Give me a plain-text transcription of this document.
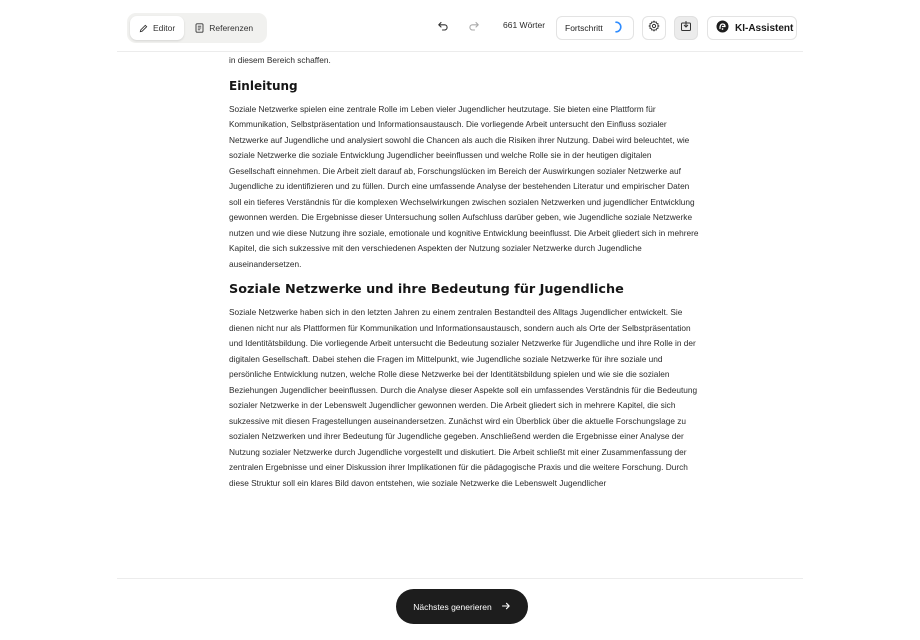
Editor	Referenzen	661 Wörter Fortschritt	KI-Assistent

in diesem Bereich schaffen.

Einleitung

Soziale Netzwerke spielen eine zentrale Rolle im Leben vieler Jugendlicher heutzutage. Sie bieten eine Plattform für Kommunikation, Selbstpräsentation und Informationsaustausch. Die vorliegende Arbeit untersucht den Einfluss sozialer Netzwerke auf Jugendliche und analysiert sowohl die Chancen als auch die Risiken ihrer Nutzung. Dabei wird beleuchtet, wie soziale Netzwerke die soziale Entwicklung Jugendlicher beeinflussen und welche Rolle sie in der heutigen digitalen Gesellschaft einnehmen. Die Arbeit zielt darauf ab, Forschungslücken im Bereich der Auswirkungen sozialer Netzwerke auf Jugendliche zu identifizieren und zu füllen. Durch eine umfassende Analyse der bestehenden Literatur und empirischer Daten soll ein tieferes Verständnis für die komplexen Wechselwirkungen zwischen sozialen Netzwerken und jugendlicher Entwicklung gewonnen werden. Die Ergebnisse dieser Untersuchung sollen Aufschluss darüber geben, wie Jugendliche soziale Netzwerke nutzen und wie diese Nutzung ihre soziale, emotionale und kognitive Entwicklung beeinflusst. Die Arbeit gliedert sich in mehrere Kapitel, die sich sukzessive mit den verschiedenen Aspekten der Nutzung sozialer Netzwerke durch Jugendliche auseinandersetzen.

Soziale Netzwerke und ihre Bedeutung für Jugendliche

Soziale Netzwerke haben sich in den letzten Jahren zu einem zentralen Bestandteil des Alltags Jugendlicher entwickelt. Sie dienen nicht nur als Plattformen für Kommunikation und Informationsaustausch, sondern auch als Orte der Selbstpräsentation und Identitätsbildung. Die vorliegende Arbeit untersucht die Bedeutung sozialer Netzwerke für Jugendliche und ihre Rolle in der digitalen Gesellschaft. Dabei stehen die Fragen im Mittelpunkt, wie Jugendliche soziale Netzwerke für ihre soziale und persönliche Entwicklung nutzen, welche Rolle diese Netzwerke bei der Identitätsbildung spielen und wie sie die sozialen Beziehungen Jugendlicher beeinflussen. Durch die Analyse dieser Aspekte soll ein umfassendes Verständnis für die Bedeutung sozialer Netzwerke in der Lebenswelt Jugendlicher gewonnen werden. Die Arbeit gliedert sich in mehrere Kapitel, die sich sukzessive mit diesen Fragestellungen auseinandersetzen. Zunächst wird ein Überblick über die aktuelle Forschungslage zu sozialen Netzwerken und ihrer Bedeutung für Jugendliche gegeben. Anschließend werden die Ergebnisse einer Analyse der Nutzung sozialer Netzwerke durch Jugendliche vorgestellt und diskutiert. Die Arbeit schließt mit einer Zusammenfassung der zentralen Ergebnisse und einer Diskussion ihrer Implikationen für die pädagogische Praxis und die weitere Forschung. Durch diese Struktur soll ein klares Bild davon entstehen, wie soziale Netzwerke die Lebenswelt Jugendlicher

Nächstes generieren
